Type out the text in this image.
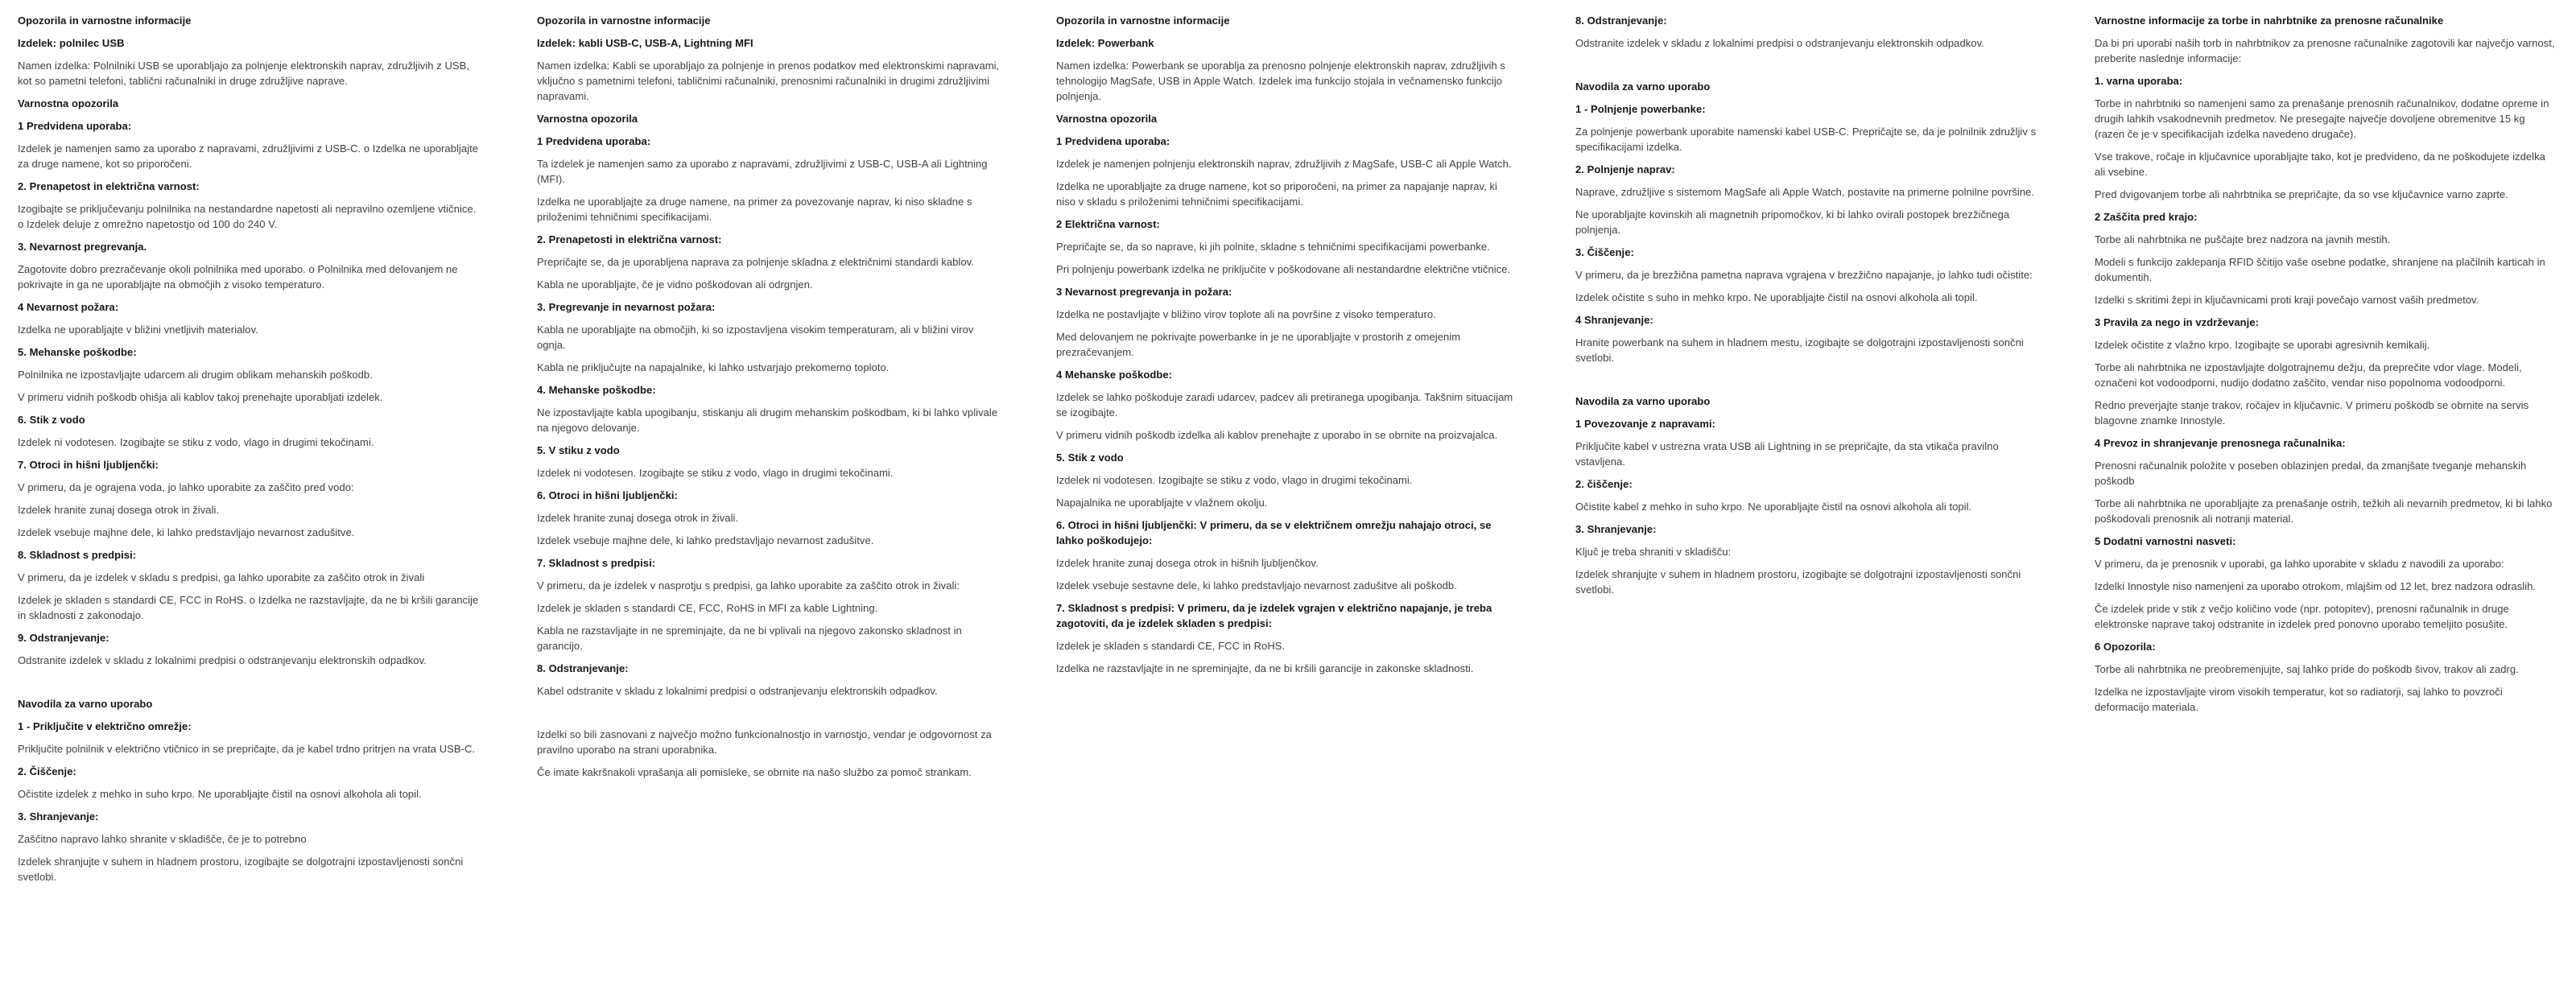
Opozorila in varnostne informacije
Izdelek: polnilec USB
Namen izdelka: Polnilniki USB se uporabljajo za polnjenje elektronskih naprav, združljivih z USB, kot so pametni telefoni, tablični računalniki in druge združljive naprave.
Varnostna opozorila
1 Predvidena uporaba:
Izdelek je namenjen samo za uporabo z napravami, združljivimi z USB-C. o Izdelka ne uporabljajte za druge namene, kot so priporočeni.
2. Prenapetost in električna varnost:
Izogibajte se priključevanju polnilnika na nestandardne napetosti ali nepravilno ozemljene vtičnice. o Izdelek deluje z omrežno napetostjo od 100 do 240 V.
3. Nevarnost pregrevanja.
Zagotovite dobro prezračevanje okoli polnilnika med uporabo. o Polnilnika med delovanjem ne pokrivajte in ga ne uporabljajte na območjih z visoko temperaturo.
4 Nevarnost požara:
Izdelka ne uporabljajte v bližini vnetljivih materialov.
5. Mehanske poškodbe:
Polnilnika ne izpostavljajte udarcem ali drugim oblikam mehanskih poškodb.
V primeru vidnih poškodb ohišja ali kablov takoj prenehajte uporabljati izdelek.
6. Stik z vodo
Izdelek ni vodotesen. Izogibajte se stiku z vodo, vlago in drugimi tekočinami.
7. Otroci in hišni ljubljenčki:
V primeru, da je ograjena voda, jo lahko uporabite za zaščito pred vodo:
Izdelek hranite zunaj dosega otrok in živali.
Izdelek vsebuje majhne dele, ki lahko predstavljajo nevarnost zadušitve.
8. Skladnost s predpisi:
V primeru, da je izdelek v skladu s predpisi, ga lahko uporabite za zaščito otrok in živali
Izdelek je skladen s standardi CE, FCC in RoHS. o Izdelka ne razstavljajte, da ne bi kršili garancije in skladnosti z zakonodajo.
9. Odstranjevanje:
Odstranite izdelek v skladu z lokalnimi predpisi o odstranjevanju elektronskih odpadkov.
Navodila za varno uporabo
1 - Priključite v električno omrežje:
Priključite polnilnik v električno vtičnico in se prepričajte, da je kabel trdno pritrjen na vrata USB-C.
2. Čiščenje:
Očistite izdelek z mehko in suho krpo. Ne uporabljajte čistil na osnovi alkohola ali topil.
3. Shranjevanje:
Zaščitno napravo lahko shranite v skladišče, če je to potrebno
Izdelek shranjujte v suhem in hladnem prostoru, izogibajte se dolgotrajni izpostavljenosti sončni svetlobi.
Opozorila in varnostne informacije
Izdelek: kabli USB-C, USB-A, Lightning MFI
Namen izdelka: Kabli se uporabljajo za polnjenje in prenos podatkov med elektronskimi napravami, vključno s pametnimi telefoni, tabličnimi računalniki, prenosnimi računalniki in drugimi združljivimi napravami.
Varnostna opozorila
1 Predvidena uporaba:
Ta izdelek je namenjen samo za uporabo z napravami, združljivimi z USB-C, USB-A ali Lightning (MFI).
Izdelka ne uporabljajte za druge namene, na primer za povezovanje naprav, ki niso skladne s priloženimi tehničnimi specifikacijami.
2. Prenapetosti in električna varnost:
Prepričajte se, da je uporabljena naprava za polnjenje skladna z električnimi standardi kablov.
Kabla ne uporabljajte, če je vidno poškodovan ali odrgnjen.
3. Pregrevanje in nevarnost požara:
Kabla ne uporabljajte na območjih, ki so izpostavljena visokim temperaturam, ali v bližini virov ognja.
Kabla ne priključujte na napajalnike, ki lahko ustvarjajo prekomerno toploto.
4. Mehanske poškodbe:
Ne izpostavljajte kabla upogibanju, stiskanju ali drugim mehanskim poškodbam, ki bi lahko vplivale na njegovo delovanje.
5. V stiku z vodo
Izdelek ni vodotesen. Izogibajte se stiku z vodo, vlago in drugimi tekočinami.
6. Otroci in hišni ljubljenčki:
Izdelek hranite zunaj dosega otrok in živali.
Izdelek vsebuje majhne dele, ki lahko predstavljajo nevarnost zadušitve.
7. Skladnost s predpisi:
V primeru, da je izdelek v nasprotju s predpisi, ga lahko uporabite za zaščito otrok in živali:
Izdelek je skladen s standardi CE, FCC, RoHS in MFI za kable Lightning.
Kabla ne razstavljajte in ne spreminjajte, da ne bi vplivali na njegovo zakonsko skladnost in garancijo.
8. Odstranjevanje:
Kabel odstranite v skladu z lokalnimi predpisi o odstranjevanju elektronskih odpadkov.
Izdelki so bili zasnovani z največjo možno funkcionalnostjo in varnostjo, vendar je odgovornost za pravilno uporabo na strani uporabnika.
Če imate kakršnakoli vprašanja ali pomisleke, se obrnite na našo službo za pomoč strankam.
Opozorila in varnostne informacije
Izdelek: Powerbank
Namen izdelka: Powerbank se uporablja za prenosno polnjenje elektronskih naprav, združljivih s tehnologijo MagSafe, USB in Apple Watch. Izdelek ima funkcijo stojala in večnamensko funkcijo polnjenja.
Varnostna opozorila
1 Predvidena uporaba:
Izdelek je namenjen polnjenju elektronskih naprav, združljivih z MagSafe, USB-C ali Apple Watch.
Izdelka ne uporabljajte za druge namene, kot so priporočeni, na primer za napajanje naprav, ki niso v skladu s priloženimi tehničnimi specifikacijami.
2 Električna varnost:
Prepričajte se, da so naprave, ki jih polnite, skladne s tehničnimi specifikacijami powerbanke.
Pri polnjenju powerbank izdelka ne priključite v poškodovane ali nestandardne električne vtičnice.
3 Nevarnost pregrevanja in požara:
Izdelka ne postavljajte v bližino virov toplote ali na površine z visoko temperaturo.
Med delovanjem ne pokrivajte powerbanke in je ne uporabljajte v prostorih z omejenim prezračevanjem.
4 Mehanske poškodbe:
Izdelek se lahko poškoduje zaradi udarcev, padcev ali pretiranega upogibanja. Takšnim situacijam se izogibajte.
V primeru vidnih poškodb izdelka ali kablov prenehajte z uporabo in se obrnite na proizvajalca.
5. Stik z vodo
Izdelek ni vodotesen. Izogibajte se stiku z vodo, vlago in drugimi tekočinami.
Napajalnika ne uporabljajte v vlažnem okolju.
6. Otroci in hišni ljubljenčki: V primeru, da se v električnem omrežju nahajajo otroci, se lahko poškodujejo:
Izdelek hranite zunaj dosega otrok in hišnih ljubljenčkov.
Izdelek vsebuje sestavne dele, ki lahko predstavljajo nevarnost zadušitve ali poškodb.
7. Skladnost s predpisi: V primeru, da je izdelek vgrajen v električno napajanje, je treba zagotoviti, da je izdelek skladen s predpisi:
Izdelek je skladen s standardi CE, FCC in RoHS.
Izdelka ne razstavljajte in ne spreminjajte, da ne bi kršili garancije in zakonske skladnosti.
8. Odstranjevanje:
Odstranite izdelek v skladu z lokalnimi predpisi o odstranjevanju elektronskih odpadkov.
Navodila za varno uporabo
1 - Polnjenje powerbanke:
Za polnjenje powerbank uporabite namenski kabel USB-C. Prepričajte se, da je polnilnik združljiv s specifikacijami izdelka.
2. Polnjenje naprav:
Naprave, združljive s sistemom MagSafe ali Apple Watch, postavite na primerne polnilne površine.
Ne uporabljajte kovinskih ali magnetnih pripomočkov, ki bi lahko ovirali postopek brezžičnega polnjenja.
3. Čiščenje:
V primeru, da je brezžična pametna naprava vgrajena v brezžično napajanje, jo lahko tudi očistite:
Izdelek očistite s suho in mehko krpo. Ne uporabljajte čistil na osnovi alkohola ali topil.
4 Shranjevanje:
Hranite powerbank na suhem in hladnem mestu, izogibajte se dolgotrajni izpostavljenosti sončni svetlobi.
Navodila za varno uporabo
1 Povezovanje z napravami:
Priključite kabel v ustrezna vrata USB ali Lightning in se prepričajte, da sta vtikača pravilno vstavljena.
2. čiščenje:
Očistite kabel z mehko in suho krpo. Ne uporabljajte čistil na osnovi alkohola ali topil.
3. Shranjevanje:
Ključ je treba shraniti v skladišču:
Izdelek shranjujte v suhem in hladnem prostoru, izogibajte se dolgotrajni izpostavljenosti sončni svetlobi.
Varnostne informacije za torbe in nahrbtnike za prenosne računalnike
Da bi pri uporabi naših torb in nahrbtnikov za prenosne računalnike zagotovili kar največjo varnost, preberite naslednje informacije:
1. varna uporaba:
Torbe in nahrbtniki so namenjeni samo za prenašanje prenosnih računalnikov, dodatne opreme in drugih lahkih vsakodnevnih predmetov. Ne presegajte največje dovoljene obremenitve 15 kg (razen če je v specifikacijah izdelka navedeno drugače).
Vse trakove, ročaje in ključavnice uporabljajte tako, kot je predvideno, da ne poškodujete izdelka ali vsebine.
Pred dvigovanjem torbe ali nahrbtnika se prepričajte, da so vse ključavnice varno zaprte.
2 Zaščita pred krajo:
Torbe ali nahrbtnika ne puščajte brez nadzora na javnih mestih.
Modeli s funkcijo zaklepanja RFID ščitijo vaše osebne podatke, shranjene na plačilnih karticah in dokumentih.
Izdelki s skritimi žepi in ključavnicami proti kraji povečajo varnost vaših predmetov.
3 Pravila za nego in vzdrževanje:
Izdelek očistite z vlažno krpo. Izogibajte se uporabi agresivnih kemikalij.
Torbe ali nahrbtnika ne izpostavljajte dolgotrajnemu dežju, da preprečite vdor vlage. Modeli, označeni kot vodoodporni, nudijo dodatno zaščito, vendar niso popolnoma vodoodporni.
Redno preverjajte stanje trakov, ročajev in ključavnic. V primeru poškodb se obrnite na servis blagovne znamke Innostyle.
4 Prevoz in shranjevanje prenosnega računalnika:
Prenosni računalnik položite v poseben oblazinjen predal, da zmanjšate tveganje mehanskih poškodb
Torbe ali nahrbtnika ne uporabljajte za prenašanje ostrih, težkih ali nevarnih predmetov, ki bi lahko poškodovali prenosnik ali notranji material.
5 Dodatni varnostni nasveti:
V primeru, da je prenosnik v uporabi, ga lahko uporabite v skladu z navodili za uporabo:
Izdelki Innostyle niso namenjeni za uporabo otrokom, mlajšim od 12 let, brez nadzora odraslih.
Če izdelek pride v stik z večjo količino vode (npr. potopitev), prenosni računalnik in druge elektronske naprave takoj odstranite in izdelek pred ponovno uporabo temeljito posušite.
6 Opozorila:
Torbe ali nahrbtnika ne preobremenjujte, saj lahko pride do poškodb šivov, trakov ali zadrg.
Izdelka ne izpostavljajte virom visokih temperatur, kot so radiatorji, saj lahko to povzroči deformacijo materiala.
